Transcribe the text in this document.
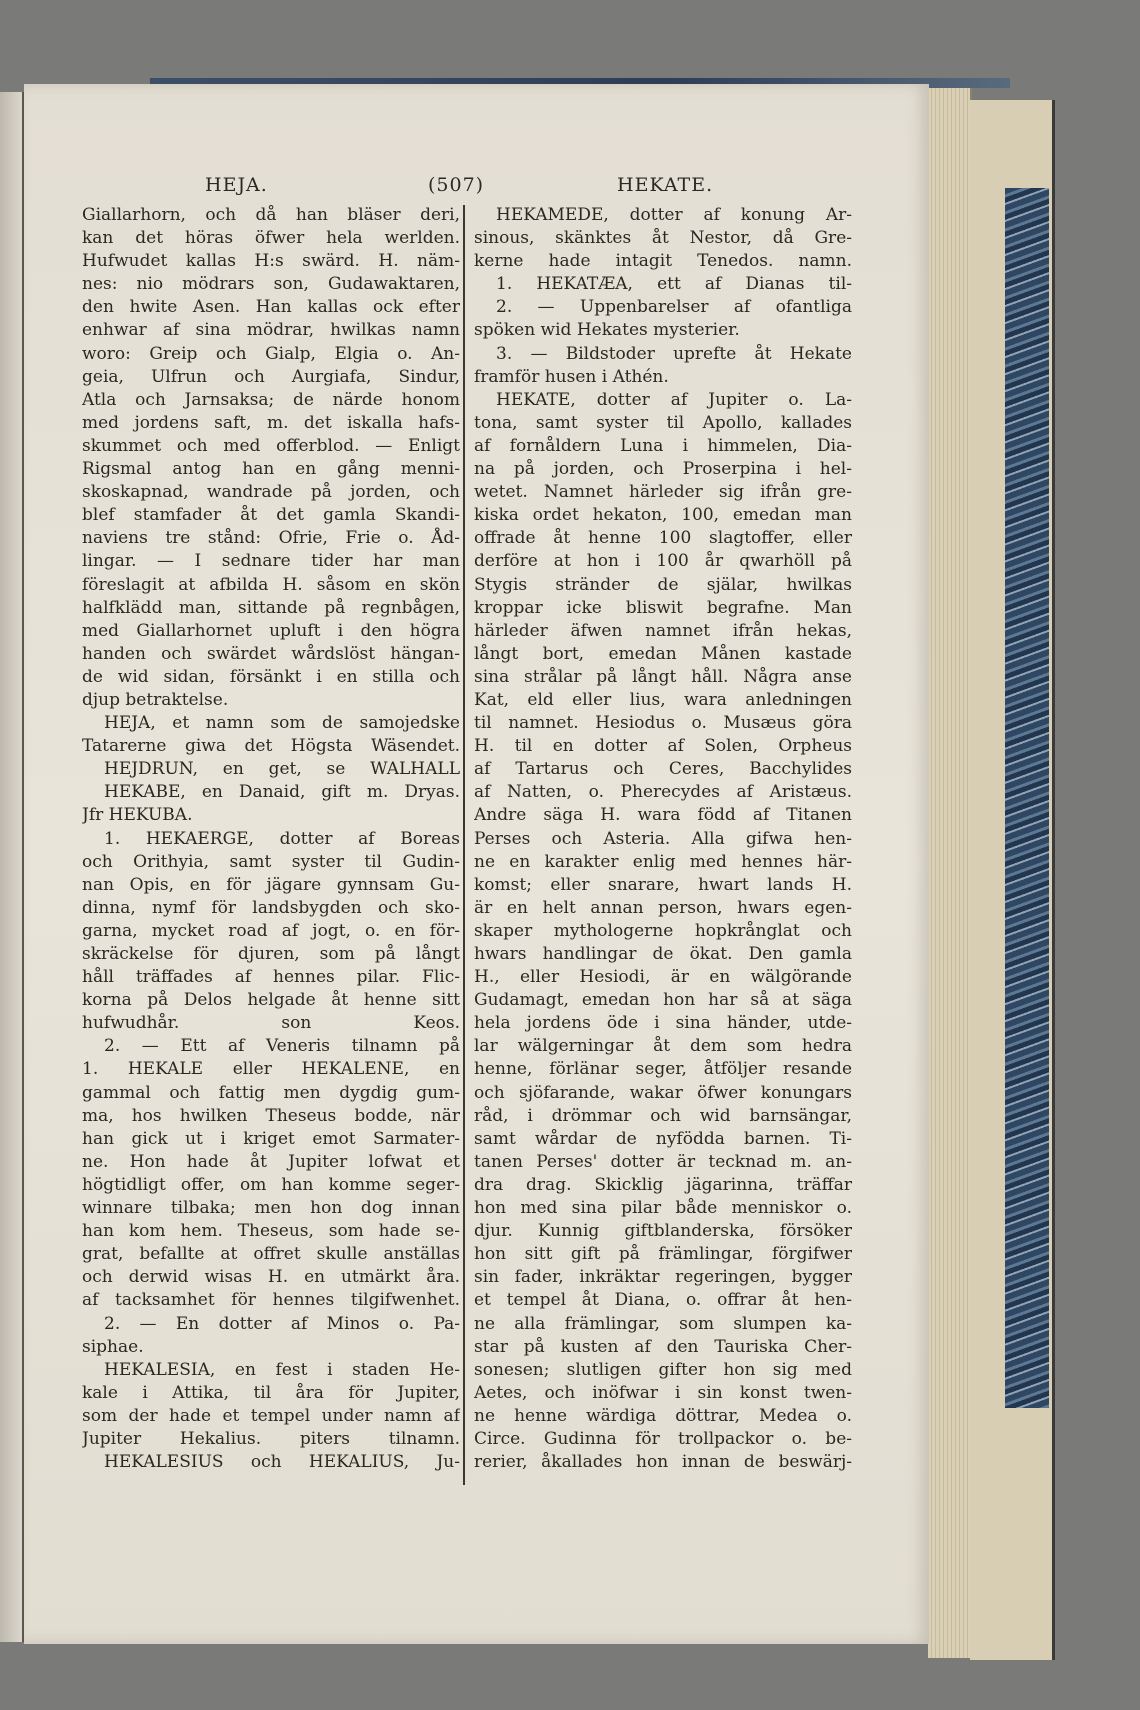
HEJA.	(507)	HEKATE.
Giallarhorn, och då han bläser deri,
kan det höras öfwer hela werlden.
Hufwudet kallas H:s swärd. H. näm-
nes: nio mödrars son, Gudawaktaren,
den hwite Asen. Han kallas ock efter
enhwar af sina mödrar, hwilkas namn
woro: Greip och Gialp, Elgia o. An-
geia, Ulfrun och Aurgiafa, Sindur,
Atla och Jarnsaksa; de närde honom
med jordens saft, m. det iskalla hafs-
skummet och med offerblod. — Enligt
Rigsmal antog han en gång menni-
skoskapnad, wandrade på jorden, och
blef stamfader åt det gamla Skandi-
naviens tre stånd: Ofrie, Frie o. Åd-
lingar. — I sednare tider har man
föreslagit at afbilda H. såsom en skön
halfklädd man, sittande på regnbågen,
med Giallarhornet upluft i den högra
handen och swärdet wårdslöst hängan-
de wid sidan, försänkt i en stilla och
djup betraktelse.
HEJA, et namn som de samojedske
Tatarerne giwa det Högsta Wäsendet.
HEJDRUN, en get, se WALHALL
HEKABE, en Danaid, gift m. Dryas.
Jfr HEKUBA.
1. HEKAERGE, dotter af Boreas
och Orithyia, samt syster til Gudin-
nan Opis, en för jägare gynnsam Gu-
dinna, nymf för landsbygden och sko-
garna, mycket road af jogt, o. en för-
skräckelse för djuren, som på långt
håll träffades af hennes pilar. Flic-
korna på Delos helgade åt henne sitt
hufwudhår. son Keos.
2. — Ett af Veneris tilnamn på
1. HEKALE eller HEKALENE, en
gammal och fattig men dygdig gum-
ma, hos hwilken Theseus bodde, när
han gick ut i kriget emot Sarmater-
ne. Hon hade åt Jupiter lofwat et
högtidligt offer, om han komme seger-
winnare tilbaka; men hon dog innan
han kom hem. Theseus, som hade se-
grat, befallte at offret skulle anställas
och derwid wisas H. en utmärkt åra.
af tacksamhet för hennes tilgifwenhet.
2. — En dotter af Minos o. Pa-
siphae.
HEKALESIA, en fest i staden He-
kale i Attika, til åra för Jupiter,
som der hade et tempel under namn af
Jupiter Hekalius. piters tilnamn.
HEKALESIUS och HEKALIUS, Ju-
HEKAMEDE, dotter af konung Ar-
sinous, skänktes åt Nestor, då Gre-
kerne hade intagit Tenedos. namn.
1. HEKATÆA, ett af Dianas til-
2. — Uppenbarelser af ofantliga
spöken wid Hekates mysterier.
3. — Bildstoder uprefte åt Hekate
framför husen i Athén.
HEKATE, dotter af Jupiter o. La-
tona, samt syster til Apollo, kallades
af fornåldern Luna i himmelen, Dia-
na på jorden, och Proserpina i hel-
wetet. Namnet härleder sig ifrån gre-
kiska ordet hekaton, 100, emedan man
offrade åt henne 100 slagtoffer, eller
derföre at hon i 100 år qwarhöll på
Stygis stränder de själar, hwilkas
kroppar icke bliswit begrafne. Man
härleder äfwen namnet ifrån hekas,
långt bort, emedan Månen kastade
sina strålar på långt håll. Några anse
Kat, eld eller lius, wara anledningen
til namnet. Hesiodus o. Musæus göra
H. til en dotter af Solen, Orpheus
af Tartarus och Ceres, Bacchylides
af Natten, o. Pherecydes af Aristæus.
Andre säga H. wara född af Titanen
Perses och Asteria. Alla gifwa hen-
ne en karakter enlig med hennes här-
komst; eller snarare, hwart lands H.
är en helt annan person, hwars egen-
skaper mythologerne hopkrånglat och
hwars handlingar de ökat. Den gamla
H., eller Hesiodi, är en wälgörande
Gudamagt, emedan hon har så at säga
hela jordens öde i sina händer, utde-
lar wälgerningar åt dem som hedra
henne, förlänar seger, åtföljer resande
och sjöfarande, wakar öfwer konungars
råd, i drömmar och wid barnsängar,
samt wårdar de nyfödda barnen. Ti-
tanen Perses' dotter är tecknad m. an-
dra drag. Skicklig jägarinna, träffar
hon med sina pilar både menniskor o.
djur. Kunnig giftblanderska, försöker
hon sitt gift på främlingar, förgifwer
sin fader, inkräktar regeringen, bygger
et tempel åt Diana, o. offrar åt hen-
ne alla främlingar, som slumpen ka-
star på kusten af den Tauriska Cher-
sonesen; slutligen gifter hon sig med
Aetes, och inöfwar i sin konst twen-
ne henne wärdiga döttrar, Medea o.
Circe. Gudinna för trollpackor o. be-
rerier, åkallades hon innan de beswärj-
